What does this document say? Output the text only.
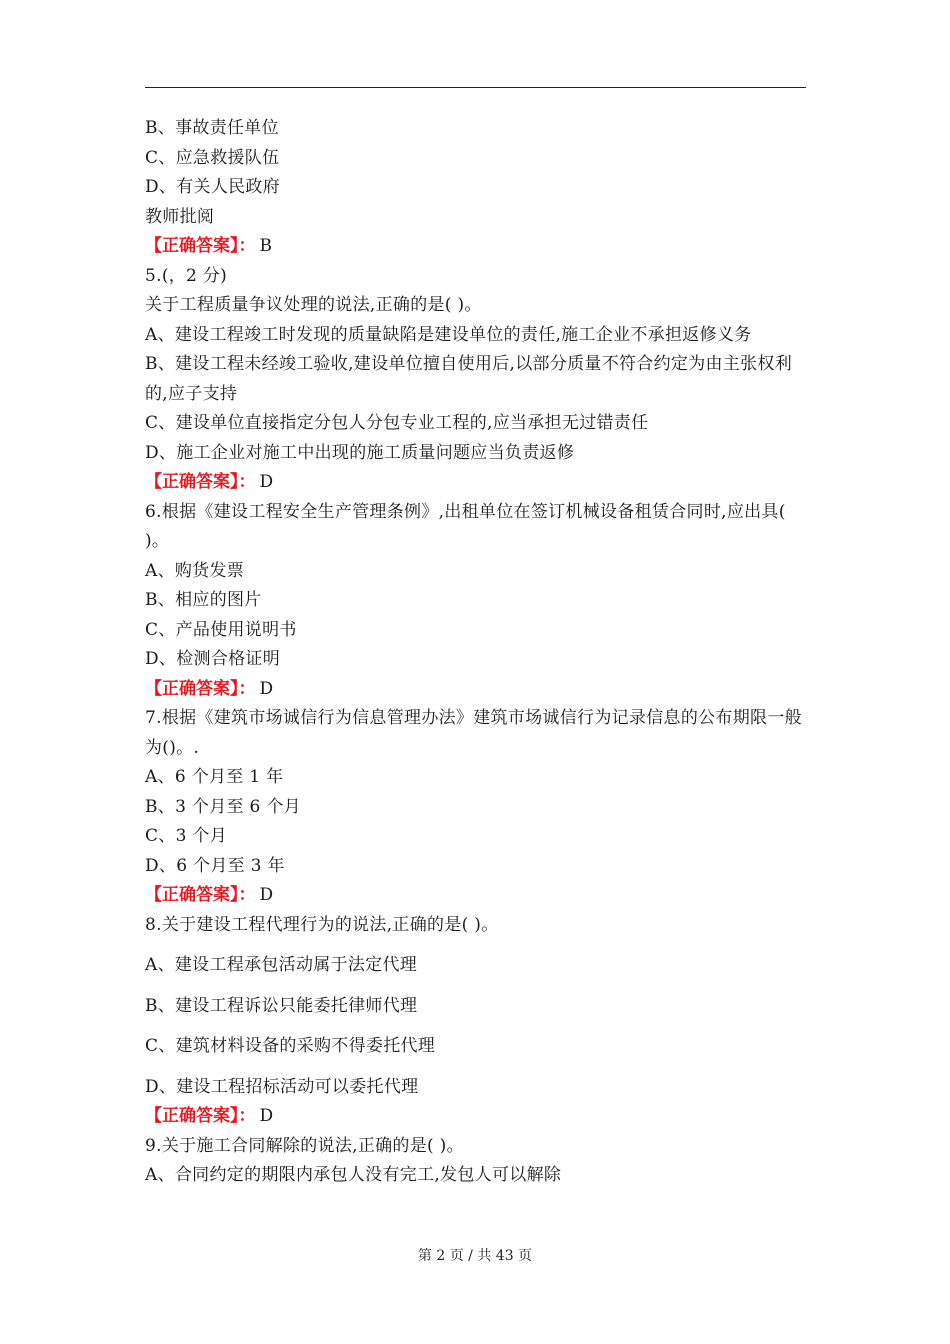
B、事故责任单位
C、应急救援队伍
D、有关人民政府
教师批阅
【正确答案】： B
5.(，2 分)
关于工程质量争议处理的说法,正确的是( )。
A、建设工程竣工时发现的质量缺陷是建设单位的责任,施工企业不承担返修义务
B、建设工程未经竣工验收,建设单位擅自使用后,以部分质量不符合约定为由主张权利的,应子支持
C、建设单位直接指定分包人分包专业工程的,应当承担无过错责任
D、施工企业对施工中出现的施工质量问题应当负责返修
【正确答案】： D
6.根据《建设工程安全生产管理条例》,出租单位在签订机械设备租赁合同时,应出具( )。
A、购货发票
B、相应的图片
C、产品使用说明书
D、检测合格证明
【正确答案】： D
7.根据《建筑市场诚信行为信息管理办法》建筑市场诚信行为记录信息的公布期限一般为()。.
A、6 个月至 1 年
B、3 个月至 6 个月
C、3 个月
D、6 个月至 3 年
【正确答案】： D
8.关于建设工程代理行为的说法,正确的是( )。
A、建设工程承包活动属于法定代理
B、建设工程诉讼只能委托律师代理
C、建筑材料设备的采购不得委托代理
D、建设工程招标活动可以委托代理
【正确答案】： D
9.关于施工合同解除的说法,正确的是( )。
A、合同约定的期限内承包人没有完工,发包人可以解除
第 2 页 / 共 43 页
